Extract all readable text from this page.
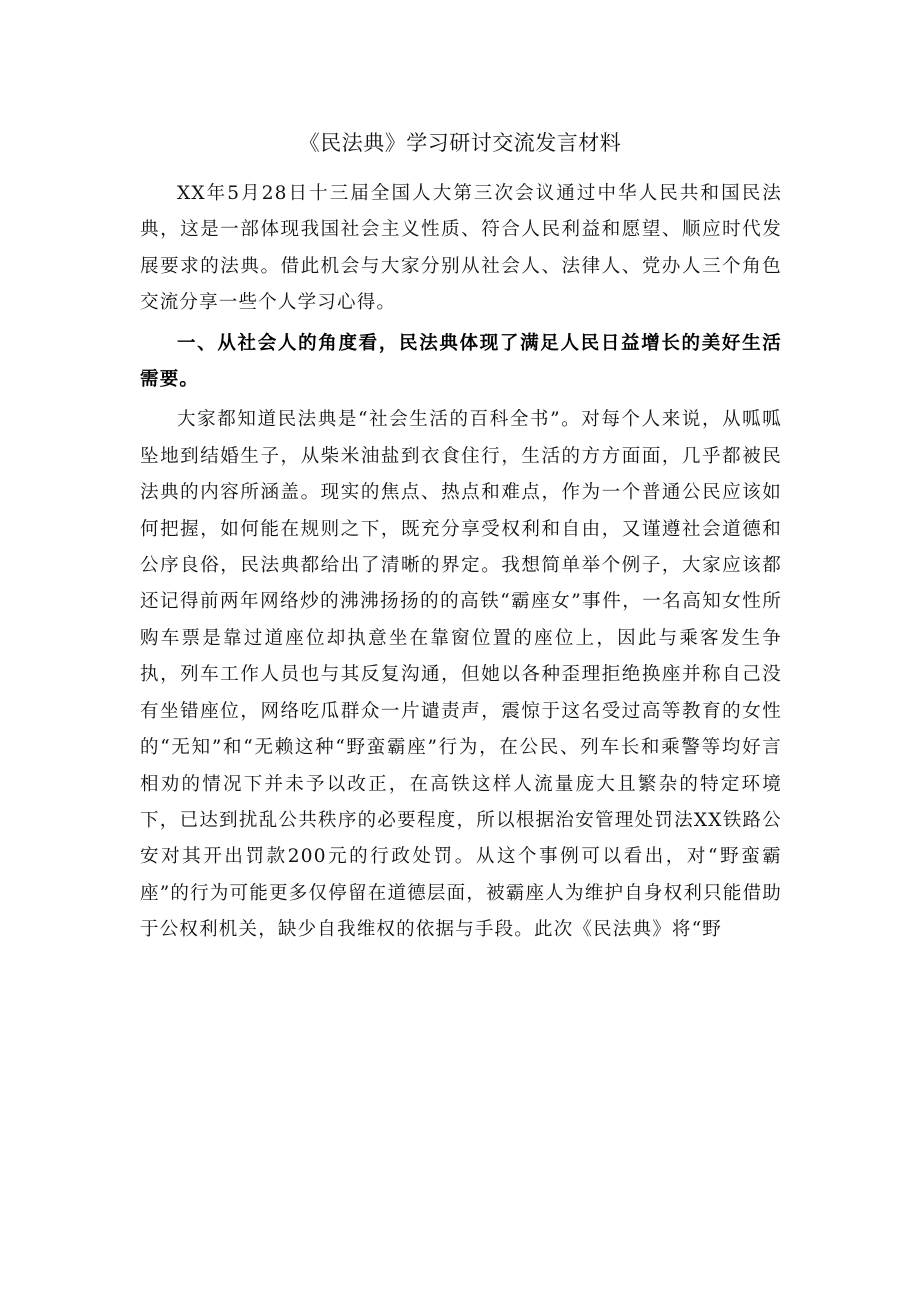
《民法典》学习研讨交流发言材料

XX年5月28日十三届全国人大第三次会议通过中华人民共和国民法典，这是一部体现我国社会主义性质、符合人民利益和愿望、顺应时代发展要求的法典。借此机会与大家分别从社会人、法律人、党办人三个角色交流分享一些个人学习心得。

一、从社会人的角度看，民法典体现了满足人民日益增长的美好生活需要。

大家都知道民法典是“社会生活的百科全书”。对每个人来说，从呱呱坠地到结婚生子，从柴米油盐到衣食住行，生活的方方面面，几乎都被民法典的内容所涵盖。现实的焦点、热点和难点，作为一个普通公民应该如何把握，如何能在规则之下，既充分享受权利和自由，又谨遵社会道德和公序良俗，民法典都给出了清晰的界定。我想简单举个例子，大家应该都还记得前两年网络炒的沸沸扬扬的的高铁“霸座女”事件，一名高知女性所购车票是靠过道座位却执意坐在靠窗位置的座位上，因此与乘客发生争执，列车工作人员也与其反复沟通，但她以各种歪理拒绝换座并称自己没有坐错座位，网络吃瓜群众一片谴责声，震惊于这名受过高等教育的女性的“无知”和“无赖这种“野蛮霸座”行为，在公民、列车长和乘警等均好言相劝的情况下并未予以改正，在高铁这样人流量庞大且繁杂的特定环境下，已达到扰乱公共秩序的必要程度，所以根据治安管理处罚法XX铁路公安对其开出罚款200元的行政处罚。从这个事例可以看出，对“野蛮霸座”的行为可能更多仅停留在道德层面，被霸座人为维护自身权利只能借助于公权利机关，缺少自我维权的依据与手段。此次《民法典》将“野
